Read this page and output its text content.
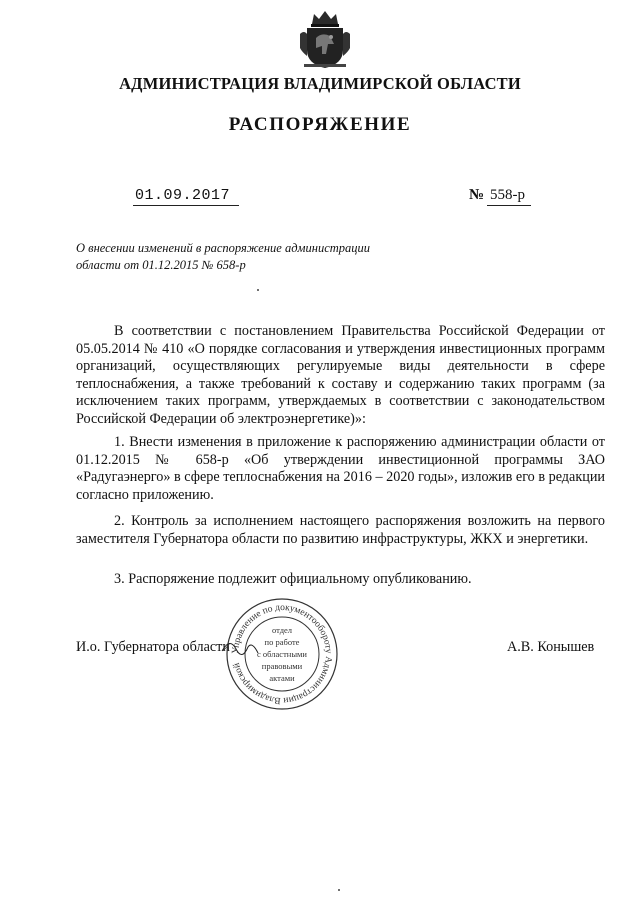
АДМИНИСТРАЦИЯ ВЛАДИМИРСКОЙ ОБЛАСТИ
РАСПОРЯЖЕНИЕ
01.09.2017	№ 558-р
О внесении изменений в распоряжение администрации
области от 01.12.2015 № 658-р

В соответствии с постановлением Правительства Российской Федерации от 05.05.2014 № 410 «О порядке согласования и утверждения инвестиционных программ организаций, осуществляющих регулируемые виды деятельности в сфере теплоснабжения, а также требований к составу и содержанию таких программ (за исключением таких программ, утверждаемых в соответствии с законодательством Российской Федерации об электроэнергетике)»:

1. Внести изменения в приложение к распоряжению администрации области от 01.12.2015 № 658-р «Об утверждении инвестиционной программы ЗАО «Радугаэнерго» в сфере теплоснабжения на 2016 – 2020 годы», изложив его в редакции согласно приложению.

2. Контроль за исполнением настоящего распоряжения возложить на первого заместителя Губернатора области по развитию инфраструктуры, ЖКХ и энергетики.

3. Распоряжение подлежит официальному опубликованию.

И.о. Губернатора области	А.В. Конышев
Управление по документообороту Администрации Владимирской
отдел
по работе
с областными
правовыми
актами
